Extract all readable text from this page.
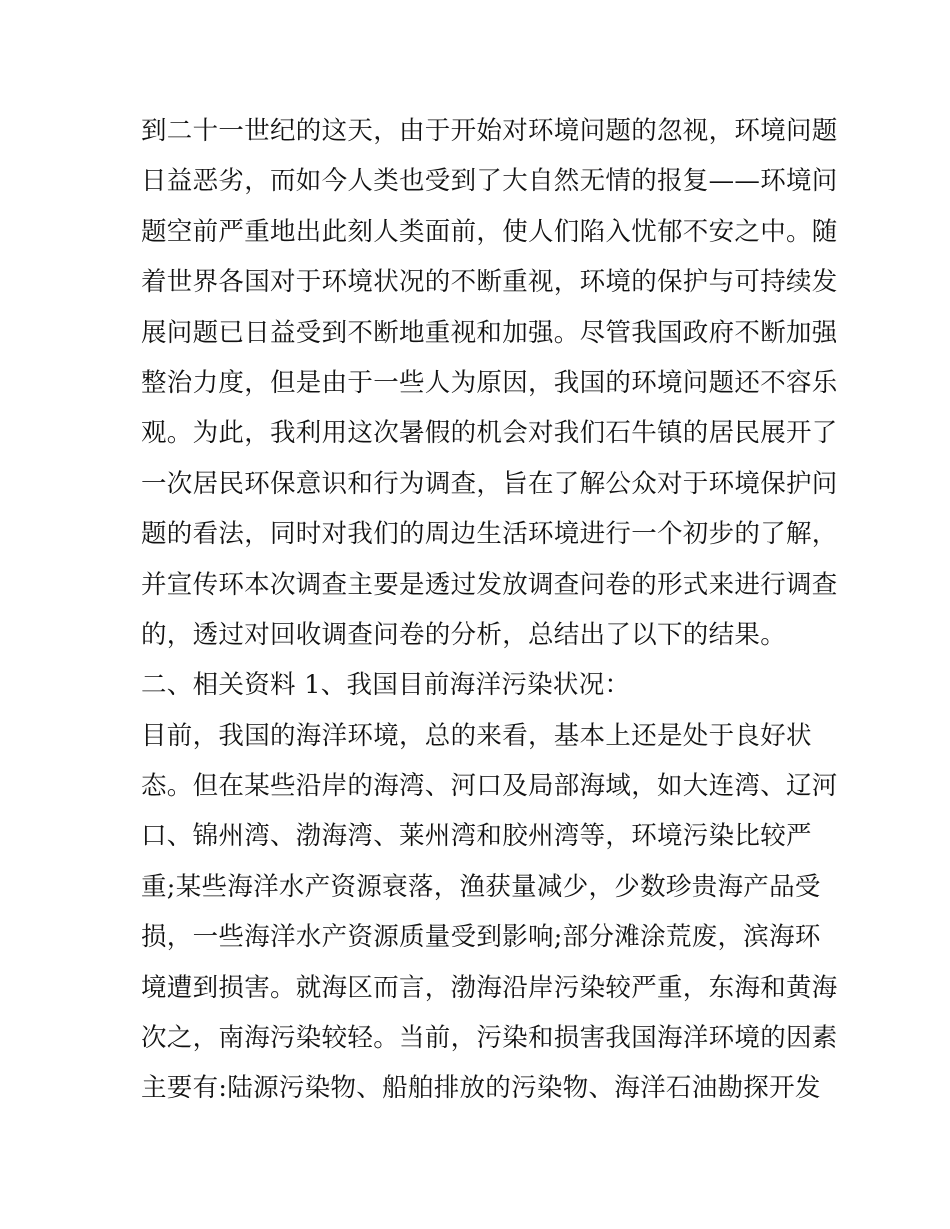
到二十一世纪的这天，由于开始对环境问题的忽视，环境问题
日益恶劣，而如今人类也受到了大自然无情的报复——环境问
题空前严重地出此刻人类面前，使人们陷入忧郁不安之中。随
着世界各国对于环境状况的不断重视，环境的保护与可持续发
展问题已日益受到不断地重视和加强。尽管我国政府不断加强
整治力度，但是由于一些人为原因，我国的环境问题还不容乐
观。为此，我利用这次暑假的机会对我们石牛镇的居民展开了
一次居民环保意识和行为调查，旨在了解公众对于环境保护问
题的看法，同时对我们的周边生活环境进行一个初步的了解，
并宣传环本次调查主要是透过发放调查问卷的形式来进行调查
的，透过对回收调查问卷的分析，总结出了以下的结果。
二、相关资料 1、我国目前海洋污染状况：
目前，我国的海洋环境，总的来看，基本上还是处于良好状
态。但在某些沿岸的海湾、河口及局部海域，如大连湾、辽河
口、锦州湾、渤海湾、莱州湾和胶州湾等，环境污染比较严
重;某些海洋水产资源衰落，渔获量减少，少数珍贵海产品受
损，一些海洋水产资源质量受到影响;部分滩涂荒废，滨海环
境遭到损害。就海区而言，渤海沿岸污染较严重，东海和黄海
次之，南海污染较轻。当前，污染和损害我国海洋环境的因素
主要有:陆源污染物、船舶排放的污染物、海洋石油勘探开发
